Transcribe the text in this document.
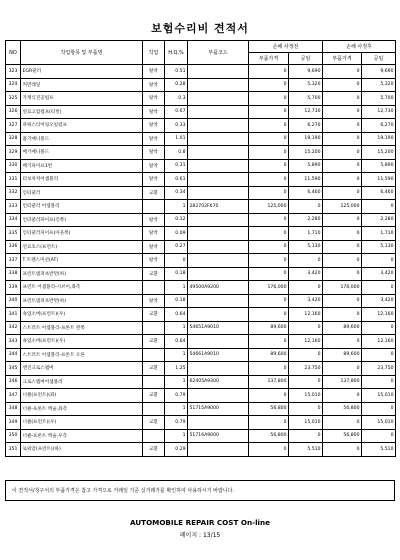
보험수리비 견적서
NO	작업항목 및 부품명	작업	H.Q,%	부품코드	손해 사정전		손해 사정후	
					부품가격	공임	부품가격	공임
323	EGR쿨러	탈착	0.51		0	9,690	0	9,690
324	커먼레일	탈착	0.28		0	5,320	0	5,320
325	가계식진공펌프	탈착	0.3		0	5,700	0	5,700
326	연료고압펌프(터빈)	탈착	0.67		0	12,730	0	12,730
327	파워스티어링오일펌프	탈착	0.33		0	6,270	0	6,270
328	흡기매니폴드	탈착	1.01		0	19,190	0	19,190
329	배기매니폴드	탈착	0.8		0	15,200	0	15,200
330	배기파이프1번	탈착	0.31		0	5,890	0	5,890
331	터보차저어셈블리	탈착	0.61		0	11,590	0	11,590
332	인터쿨러	교환	0.34		0	6,460	0	6,460
333	인터쿨러 어셈블리		1	282702F670	125,000	0	125,000	0
334	인터쿨러파이프(인쪽)	탈착	0.12		0	2,280	0	2,280
335	인터쿨러파이프(아웃쪽)	탈착	0.09		0	1,710	0	1,710
336	연료호스(프런트)	탈착	0.27		0	5,130	0	5,130
337	T 트랜스미션(AT)	탈착	0		0	0	0	0
338	프런트범퍼초반면(하)	교환	0.18		0	3,420	0	3,420
339	프런트 어셈블리-시브이,좌측		1	49500A9200	176,000	0	176,000	0
340	프런트범퍼초반면(하)	탈착	0.18		0	3,420	0	3,420
341	쇽업소버(프런트)(우)	교환	0.64		0	12,160	0	12,160
342	스트러트 어셈블리-프론트 왼쪽		1	54651A9010	89,600	0	89,600	0
343	쇽업소버(프런트)(우)	교환	0.64		0	12,160	0	12,160
344	스트러트 어셈블리-프론트 오른		1	54661A9010	89,600	0	89,600	0
345	엔진크로스멤버	교환	1.25		0	23,750	0	23,750
346	크로스멤버어셈블리		1	62405A9300	137,800	0	137,800	0
347	너클(프런트)(좌)	교환	0.79		0	15,010	0	15,010
348	너클-프론트 액슬,좌측		1	51715A9000	56,800	0	56,800	0
349	너클(프런트)(우)	교환	0.79		0	15,010	0	15,010
350	너클-프론트 액슬,우측		1	51716A9000	56,800	0	56,800	0
351	로워암(프런트)(하)	교환	0.29		0	5,510	0	5,510
이 견적서/청구서의 부품가격은 참고 가격으로 거래일 기준 실거래가를 확인하여 사용하시기 바랍니다.
AUTOMOBILE REPAIR COST On-line
페이지 : 13/15
